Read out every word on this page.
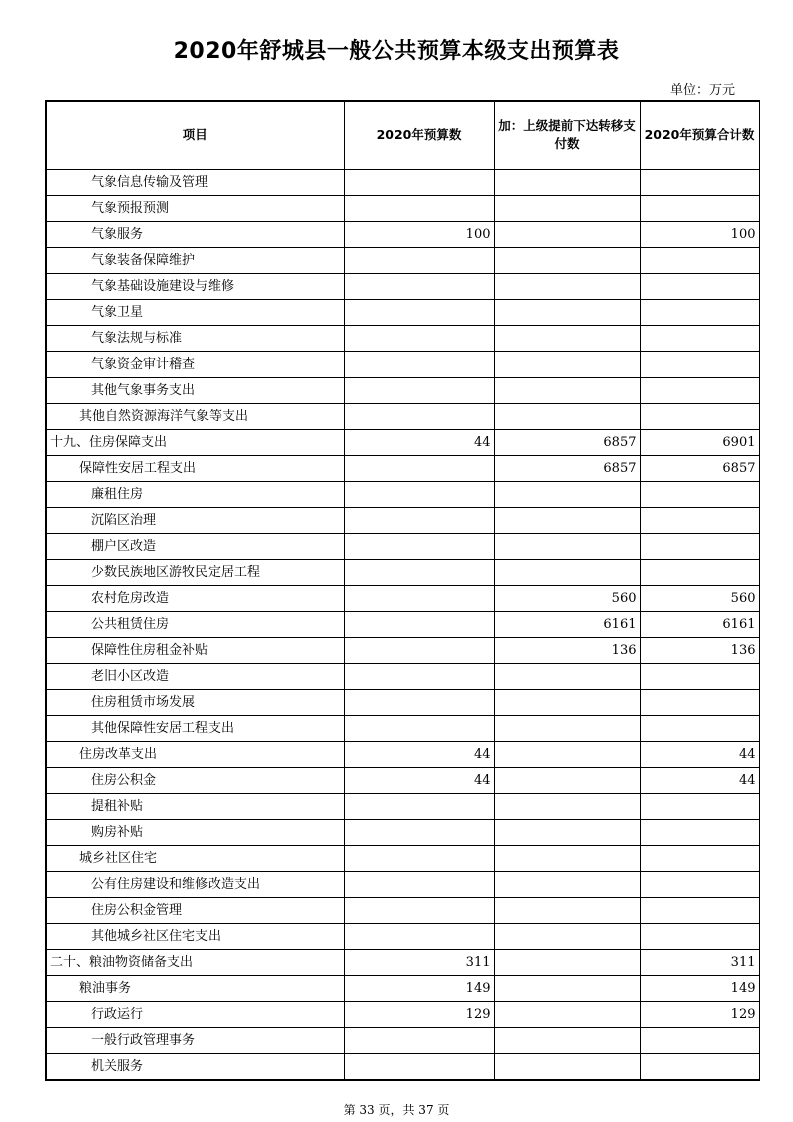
2020年舒城县一般公共预算本级支出预算表
单位：万元
项目	2020年预算数	加：上级提前下达转移支付数	2020年预算合计数
气象信息传输及管理			
气象预报预测			
气象服务	100		100
气象装备保障维护			
气象基础设施建设与维修			
气象卫星			
气象法规与标准			
气象资金审计稽查			
其他气象事务支出			
其他自然资源海洋气象等支出			
十九、住房保障支出	44	6857	6901
保障性安居工程支出		6857	6857
廉租住房			
沉陷区治理			
棚户区改造			
少数民族地区游牧民定居工程			
农村危房改造		560	560
公共租赁住房		6161	6161
保障性住房租金补贴		136	136
老旧小区改造			
住房租赁市场发展			
其他保障性安居工程支出			
住房改革支出	44		44
住房公积金	44		44
提租补贴			
购房补贴			
城乡社区住宅			
公有住房建设和维修改造支出			
住房公积金管理			
其他城乡社区住宅支出			
二十、粮油物资储备支出	311		311
粮油事务	149		149
行政运行	129		129
一般行政管理事务			
机关服务			
第 33 页，共 37 页
